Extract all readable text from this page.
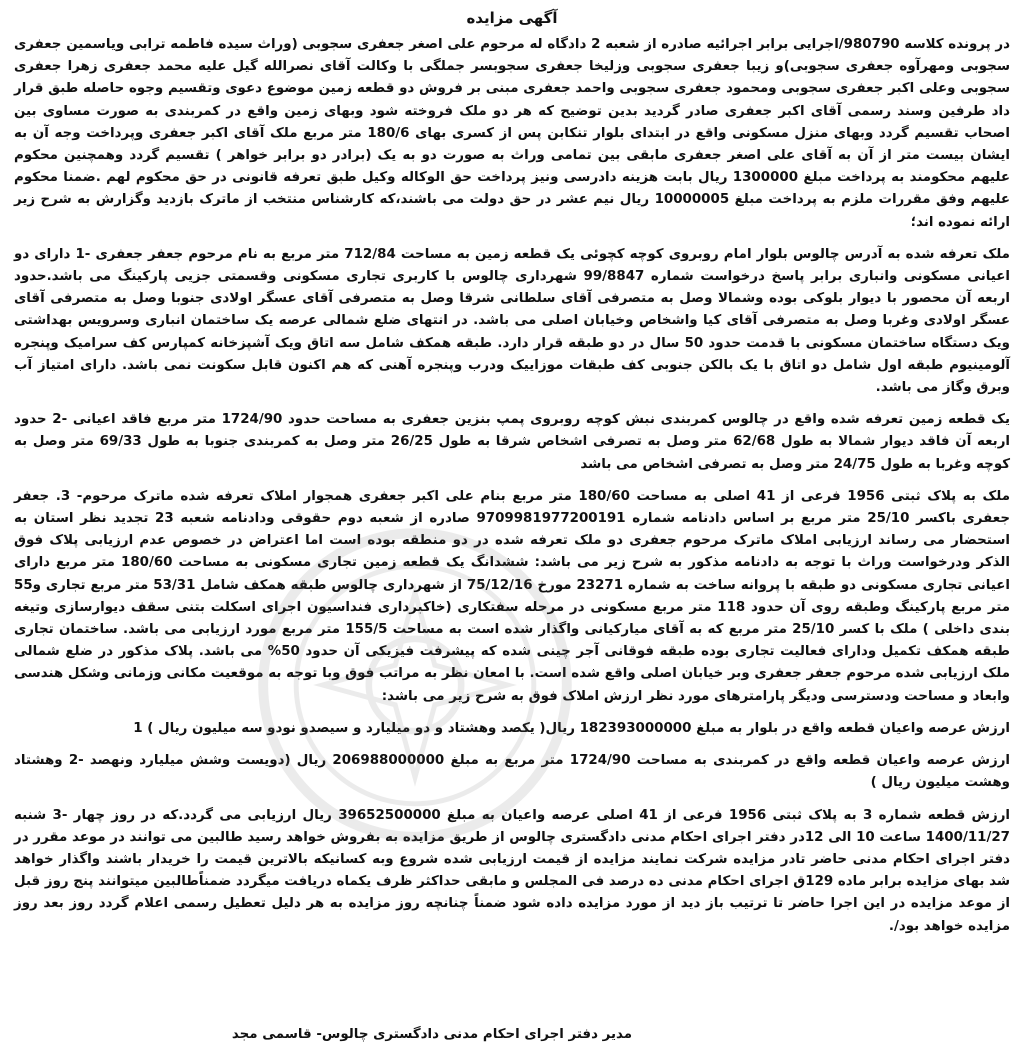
آگهی مزایده

در پرونده کلاسه 980790/اجرایی برابر اجرائیه صادره از شعبه 2 دادگاه له مرحوم علی اصغر جعفری سجوبی (وراث سیده فاطمه ترابی ویاسمین جعفری سجوبی ومهرآوه جعفری سجوبی)و زیبا جعفری سجوبی وزلیخا جعفری سجوبسر جملگی با وکالت آقای نصرالله گیل علیه محمد جعفری زهرا جعفری سجوبی وعلی اکبر جعفری سجوبی ومحمود جعفری سجوبی واحمد جعفری مبنی بر فروش دو قطعه زمین موضوع دعوی وتقسیم وجوه حاصله طبق قرار داد طرفین وسند رسمی آقای اکبر جعفری صادر گردید بدین توضیح که هر دو ملک فروخته شود وبهای زمین واقع در کمربندی به صورت مساوی بین اصحاب تقسیم گردد وبهای منزل مسکونی واقع در ابتدای بلوار تنکابن پس از کسری بهای 180/6 متر مربع ملک آقای اکبر جعفری وپرداخت وجه آن به ایشان بیست متر از آن به آقای علی اصغر جعفری مابقی بین تمامی وراث به صورت دو به یک (برادر دو برابر خواهر ) تقسیم گردد وهمچنین محکوم علیهم محکومند به پرداخت مبلغ 1300000 ریال بابت هزینه دادرسی ونیز پرداخت حق الوکاله وکیل طبق تعرفه قانونی در حق محکوم لهم .ضمنا محکوم علیهم وفق مقررات ملزم به پرداخت مبلغ 10000005 ریال نیم عشر در حق دولت می باشند،که کارشناس منتخب از ماترک بازدید وگزارش به شرح زیر ارائه نموده اند؛

ملک تعرفه شده به آدرس چالوس بلوار امام روبروی کوچه کچوئی یک قطعه زمین به مساحت 712/84 متر مربع به نام مرحوم جعفر جعفری -1 دارای دو اعیانی مسکونی وانباری برابر پاسخ درخواست شماره 99/8847 شهرداری چالوس با کاربری تجاری مسکونی وقسمتی جزیی پارکینگ می باشد.حدود اربعه آن محصور با دیوار بلوکی بوده وشمالا وصل به متصرفی آقای سلطانی شرقا وصل به متصرفی آقای عسگر اولادی جنوبا وصل به متصرفی آقای عسگر اولادی وغربا وصل به متصرفی آقای کیا واشخاص وخیابان اصلی می باشد. در انتهای ضلع شمالی عرصه یک ساختمان انباری وسرویس بهداشتی ویک دستگاه ساختمان مسکونی با قدمت حدود 50 سال در دو طبقه قرار دارد. طبقه همکف شامل سه اتاق ویک آشپزخانه کمپارس کف سرامیک وپنجره آلومینیوم طبقه اول شامل دو اتاق با یک بالکن جنوبی کف طبقات موزاییک ودرب وپنجره آهنی که هم اکنون قابل سکونت نمی باشد. دارای امتیاز آب وبرق وگاز می باشد.

یک قطعه زمین تعرفه شده واقع در چالوس کمربندی نبش کوچه روبروی پمپ بنزین جعفری به مساحت حدود 1724/90 متر مربع فاقد اعیانی -2 حدود اربعه آن فاقد دیوار شمالا به طول 62/68 متر وصل به تصرفی اشخاص شرقا به طول 26/25 متر وصل به کمربندی جنوبا به طول 69/33 متر وصل به کوچه وغربا به طول 24/75 متر وصل به تصرفی اشخاص می باشد

ملک به پلاک ثبتی 1956 فرعی از 41 اصلی به مساحت 180/60 متر مربع بنام علی اکبر جعفری همجوار املاک تعرفه شده ماترک مرحوم- 3. جعفر جعفری باکسر 25/10 متر مربع بر اساس دادنامه شماره 9709981977200191 صادره از شعبه دوم حقوقی ودادنامه شعبه 23 تجدید نظر استان به استحضار می رساند ارزیابی املاک ماترک مرحوم جعفری دو ملک تعرفه شده در دو منطقه بوده است اما اعتراض در خصوص عدم ارزیابی پلاک فوق الذکر ودرخواست وراث با توجه به دادنامه مذکور به شرح زیر می باشد: ششدانگ یک قطعه زمین تجاری مسکونی به مساحت 180/60 متر مربع دارای اعیانی تجاری مسکونی دو طبقه با پروانه ساخت به شماره 23271 مورخ 75/12/16 از شهرداری چالوس طبقه همکف شامل 53/31 متر مربع تجاری و55 متر مربع پارکینگ وطبقه روی آن حدود 118 متر مربع مسکونی در مرحله سفتکاری (خاکبرداری فنداسیون اجرای اسکلت بتنی سقف دیوارسازی وتیغه بندی داخلی ) ملک با کسر 25/10 متر مربع که به آقای میارکیانی واگذار شده است به مساحت 155/5 متر مربع مورد ارزیابی می باشد. ساختمان تجاری طبقه همکف تکمیل ودارای فعالیت تجاری بوده طبقه فوقانی آجر چینی شده که پیشرفت فیزیکی آن حدود 50% می باشد. پلاک مذکور در ضلع شمالی ملک ارزیابی شده مرحوم جعفر جعفری وبر خیابان اصلی واقع شده است. با امعان نظر به مراتب فوق وبا توجه به موقعیت مکانی وزمانی وشکل هندسی وابعاد و مساحت ودسترسی ودیگر پارامترهای مورد نظر ارزش املاک فوق به شرح زیر می باشد:

ارزش عرصه واعیان قطعه واقع در بلوار به مبلغ 182393000000 ریال( یکصد وهشتاد و دو میلیارد و سیصدو نودو سه میلیون ریال ) 1

ارزش عرصه واعیان قطعه واقع در کمربندی به مساحت 1724/90 متر مربع به مبلغ 206988000000 ریال (دویست وشش میلیارد ونهصد -2 وهشتاد وهشت میلیون ریال )

ارزش قطعه شماره 3 به پلاک ثبتی 1956 فرعی از 41 اصلی عرصه واعیان به مبلغ 39652500000 ریال ارزیابی می گردد.که در روز چهار -3 شنبه 1400/11/27 ساعت 10 الی 12در دفتر اجرای احکام مدنی دادگستری چالوس از طریق مزایده به بفروش خواهد رسید طالبین می توانند در موعد مقرر در دفتر اجرای احکام مدنی حاضر تادر مزایده شرکت نمایند مزایده از قیمت ارزیابی شده شروع وبه کسانیکه بالاترین قیمت را خریدار باشند واگذار خواهد شد بهای مزایده برابر ماده 129ق اجرای احکام مدنی ده درصد فی المجلس و مابقی حداکثر ظرف یکماه دریافت میگردد ضمناًطالبین میتوانند پنج روز قبل از موعد مزایده در این اجرا حاضر تا ترتیب باز دید از مورد مزایده داده شود ضمناً چنانچه روز مزایده به هر دلیل تعطیل رسمی اعلام گردد روز بعد روز مزایده خواهد بود/.

مدیر دفتر اجرای احکام مدنی دادگستری چالوس- قاسمی مجد
